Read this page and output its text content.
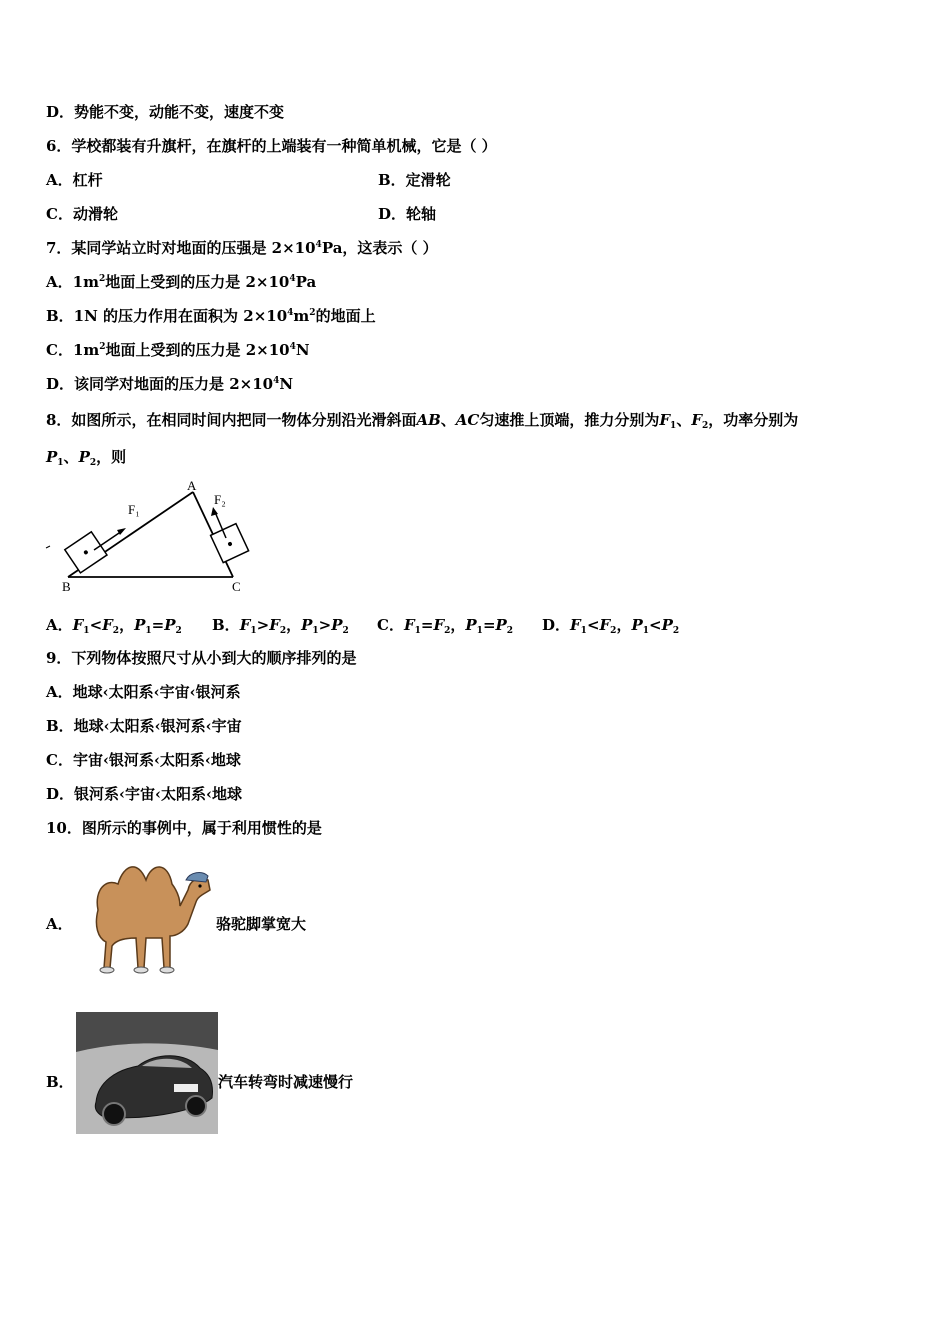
D．势能不变，动能不变，速度不变
6．学校都装有升旗杆，在旗杆的上端装有一种简单机械，它是（ ）
A．杠杆	B．定滑轮
C．动滑轮	D．轮轴
7．某同学站立时对地面的压强是 $2\times 10^4Pa$，这表示（ ）
A．$1m^2$地面上受到的压力是 $2\times 10^4Pa$
B．1N 的压力作用在面积为 $2\times 10^4m^2$的地面上
C．$1m^2$地面上受到的压力是 $2\times 10^4N$
D．该同学对地面的压力是 $2\times 10^4N$
8．如图所示，在相同时间内把同一物体分别沿光滑斜面AB、AC匀速推上顶端，推力分别为$F_1$、$F_2$，功率分别为
$P_1$、$P_2$，则
F₁
F₂
A
B	C
A．$F_1<F_2$，$P_1=P_2$ B．$F_1>F_2$，$P_1>P_2$ C．$F_1=F_2$，$P_1=P_2$ D．$F_1<F_2$，$P_1<P_2$
9．下列物体按照尺寸从小到大的顺序排列的是
A．地球‹太阳系‹宇宙‹银河系
B．地球‹太阳系‹银河系‹宇宙
C．宇宙‹银河系‹太阳系‹地球
D．银河系‹宇宙‹太阳系‹地球
10．图所示的事例中，属于利用惯性的是
A．	骆驼脚掌宽大
B．	汽车转弯时减速慢行
